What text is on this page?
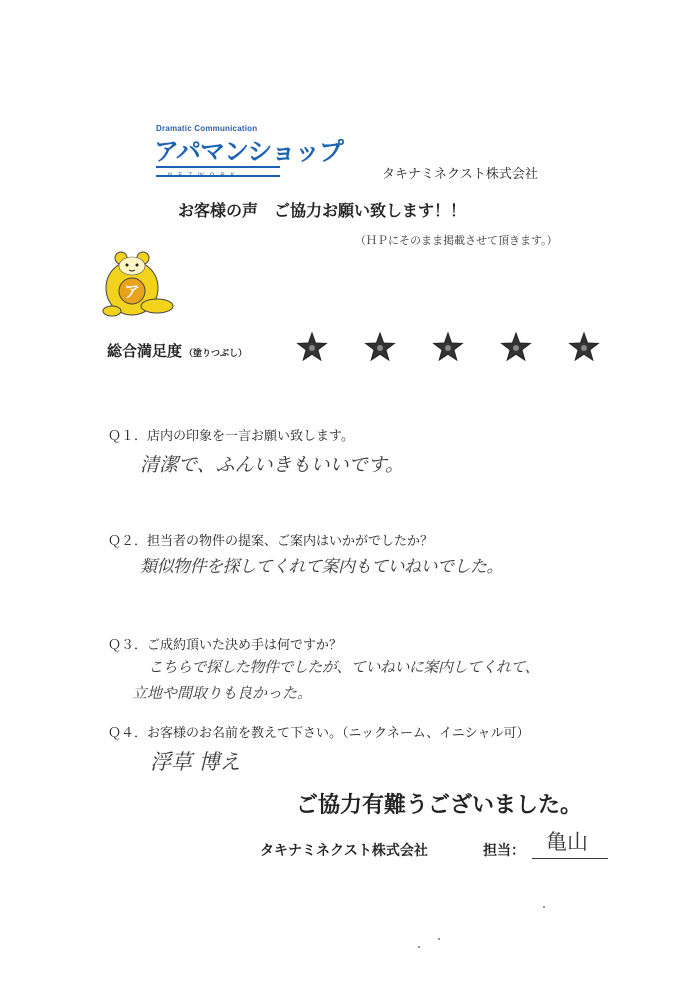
Dramatic Communication
アパマンショップ
NETWORK	タキナミネクスト株式会社
お客様の声　ご協力お願い致します！！
（ＨＰにそのまま掲載させて頂きます。）
ア
総合満足度 （塗りつぶし）
Ｑ１．店内の印象を一言お願い致します。
清潔で、ふんいきもいいです。
Ｑ２．担当者の物件の提案、ご案内はいかがでしたか？
類似物件を探してくれて案内もていねいでした。
Ｑ３．ご成約頂いた決め手は何ですか？
こちらで探した物件でしたが、ていねいに案内してくれて、
立地や間取りも良かった。
Ｑ４．お客様のお名前を教えて下さい。（ニックネーム、イニシャル可）
浮草 博え
ご協力有難うございました。
タキナミネクスト株式会社	担当： 亀山
